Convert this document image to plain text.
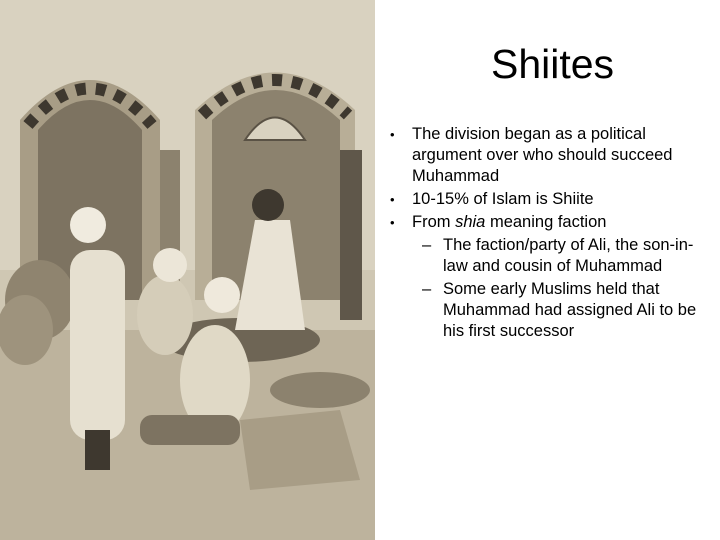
Shiites
•	The division began as a political argument over who should succeed Muhammad
•	10-15% of Islam is Shiite
•	From shia meaning faction
– The faction/party of Ali, the son-in-law and cousin of Muhammad
– Some early Muslims held that Muhammad had assigned Ali to be his first successor
